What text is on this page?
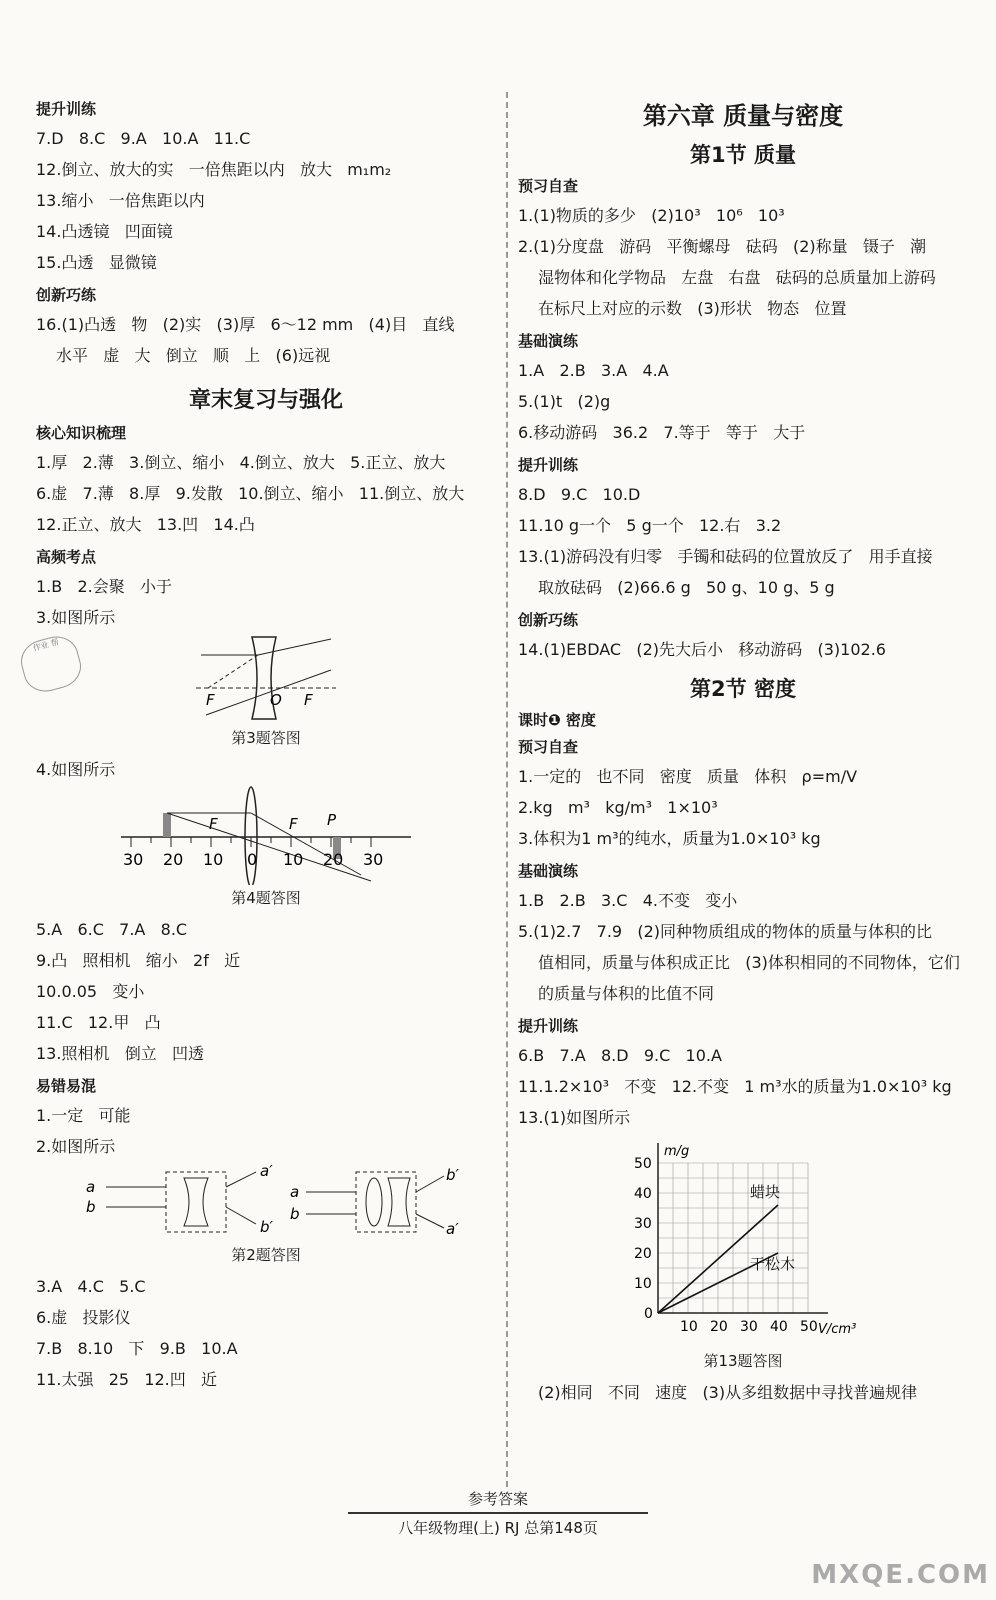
作业 帮
提升训练
7.D   8.C   9.A   10.A   11.C
12.倒立、放大的实   一倍焦距以内   放大   m₁m₂
13.缩小   一倍焦距以内
14.凸透镜   凹面镜
15.凸透   显微镜
创新巧练
16.(1)凸透   物   (2)实   (3)厚   6～12 mm   (4)目   直线
水平   虚   大   倒立   顺   上   (6)远视
章末复习与强化
核心知识梳理
1.厚   2.薄   3.倒立、缩小   4.倒立、放大   5.正立、放大
6.虚   7.薄   8.厚   9.发散   10.倒立、缩小   11.倒立、放大
12.正立、放大   13.凹   14.凸
高频考点
1.B   2.会聚   小于
3.如图所示
F	O F
第3题答图
4.如图所示
F	F P
30 20 10 0 10 20 30
第4题答图
5.A   6.C   7.A   8.C
9.凸   照相机   缩小   2f   近
10.0.05   变小
11.C   12.甲   凸
13.照相机   倒立   凹透
易错易混
1.一定   可能
2.如图所示
a
b
a′
b′
a
b
b′
a′
第2题答图
3.A   4.C   5.C
6.虚   投影仪
7.B   8.10   下   9.B   10.A
11.太强   25   12.凹   近
第六章 质量与密度
第1节 质量
预习自查
1.(1)物质的多少   (2)10³   10⁶   10³
2.(1)分度盘   游码   平衡螺母   砝码   (2)称量   镊子   潮
湿物体和化学物品   左盘   右盘   砝码的总质量加上游码
在标尺上对应的示数   (3)形状   物态   位置
基础演练
1.A   2.B   3.A   4.A
5.(1)t   (2)g
6.移动游码   36.2   7.等于   等于   大于
提升训练
8.D   9.C   10.D
11.10 g一个   5 g一个   12.右   3.2
13.(1)游码没有归零   手镯和砝码的位置放反了   用手直接
取放砝码   (2)66.6 g   50 g、10 g、5 g
创新巧练
14.(1)EBDAC   (2)先大后小   移动游码   (3)102.6
第2节 密度
课时❶ 密度
预习自查
1.一定的   也不同   密度   质量   体积   ρ=m/V
2.kg   m³   kg/m³   1×10³
3.体积为1 m³的纯水，质量为1.0×10³ kg
基础演练
1.B   2.B   3.C   4.不变   变小
5.(1)2.7   7.9   (2)同种物质组成的物体的质量与体积的比
值相同，质量与体积成正比   (3)体积相同的不同物体，它们
的质量与体积的比值不同
提升训练
6.B   7.A   8.D   9.C   10.A
11.1.2×10³   不变   12.不变   1 m³水的质量为1.0×10³ kg
13.(1)如图所示
m/g
V/cm³
10 20 30 40 50
0
10
20
30
40
50
蜡块
干松木
第13题答图
(2)相同   不同   速度   (3)从多组数据中寻找普遍规律
参考答案
八年级物理(上) RJ 总第148页
MXQE.COM
